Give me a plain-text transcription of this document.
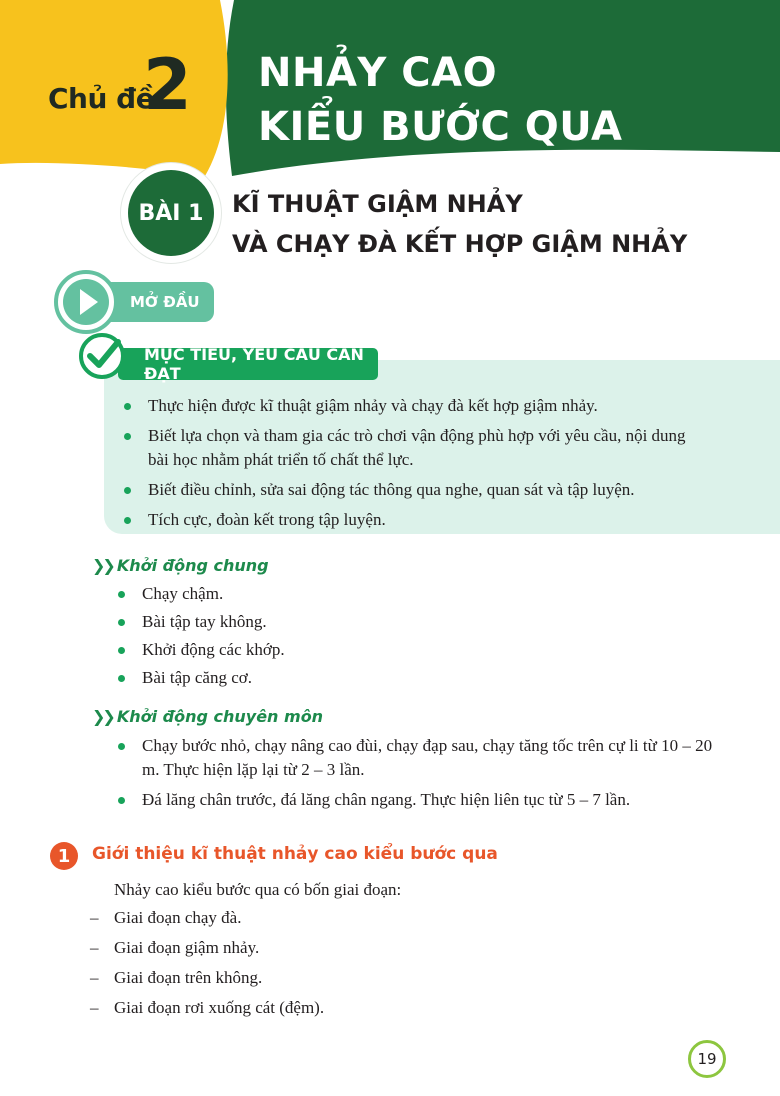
Chủ đề
2 NHẢY CAO
KIỂU BƯỚC QUA
BÀI 1	KĨ THUẬT GIẬM NHẢY
VÀ CHẠY ĐÀ KẾT HỢP GIẬM NHẢY
MỞ ĐẦU
MỤC TIÊU, YÊU CẦU CẦN ĐẠT
Thực hiện được kĩ thuật giậm nhảy và chạy đà kết hợp giậm nhảy.
Biết lựa chọn và tham gia các trò chơi vận động phù hợp với yêu cầu, nội dung bài học nhằm phát triển tố chất thể lực.
Biết điều chỉnh, sửa sai động tác thông qua nghe, quan sát và tập luyện.
Tích cực, đoàn kết trong tập luyện.
❯❯ Khởi động chung
Chạy chậm.
Bài tập tay không.
Khởi động các khớp.
Bài tập căng cơ.
❯❯ Khởi động chuyên môn
Chạy bước nhỏ, chạy nâng cao đùi, chạy đạp sau, chạy tăng tốc trên cự li từ 10 – 20 m. Thực hiện lặp lại từ 2 – 3 lần.
Đá lăng chân trước, đá lăng chân ngang. Thực hiện liên tục từ 5 – 7 lần.
1	Giới thiệu kĩ thuật nhảy cao kiểu bước qua
Nhảy cao kiểu bước qua có bốn giai đoạn:
– Giai đoạn chạy đà.
– Giai đoạn giậm nhảy.
– Giai đoạn trên không.
– Giai đoạn rơi xuống cát (đệm).
19
